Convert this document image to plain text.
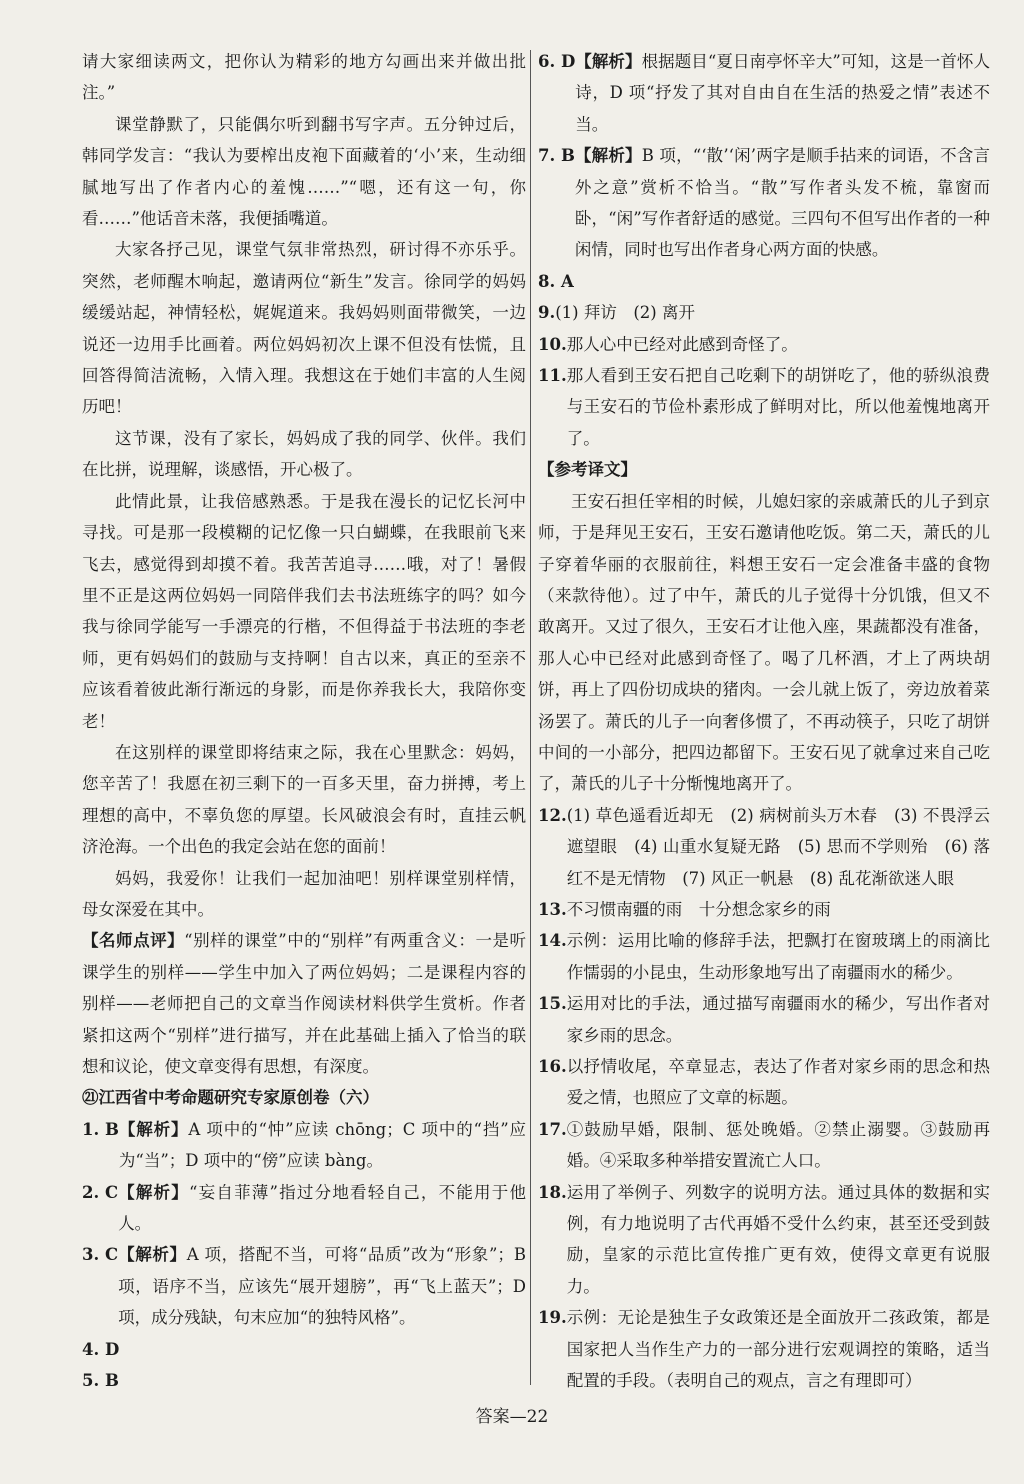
请大家细读两文，把你认为精彩的地方勾画出来并做出批注。”

课堂静默了，只能偶尔听到翻书写字声。五分钟过后，韩同学发言：“我认为要榨出皮袍下面藏着的‘小’来，生动细腻地写出了作者内心的羞愧……”“嗯，还有这一句，你看……”他话音未落，我便插嘴道。

大家各抒己见，课堂气氛非常热烈，研讨得不亦乐乎。突然，老师醒木响起，邀请两位“新生”发言。徐同学的妈妈缓缓站起，神情轻松，娓娓道来。我妈妈则面带微笑，一边说还一边用手比画着。两位妈妈初次上课不但没有怯慌，且回答得简洁流畅，入情入理。我想这在于她们丰富的人生阅历吧！

这节课，没有了家长，妈妈成了我的同学、伙伴。我们在比拼，说理解，谈感悟，开心极了。

此情此景，让我倍感熟悉。于是我在漫长的记忆长河中寻找。可是那一段模糊的记忆像一只白蝴蝶，在我眼前飞来飞去，感觉得到却摸不着。我苦苦追寻……哦，对了！暑假里不正是这两位妈妈一同陪伴我们去书法班练字的吗？如今我与徐同学能写一手漂亮的行楷，不但得益于书法班的李老师，更有妈妈们的鼓励与支持啊！自古以来，真正的至亲不应该看着彼此渐行渐远的身影，而是你养我长大，我陪你变老！

在这别样的课堂即将结束之际，我在心里默念：妈妈，您辛苦了！我愿在初三剩下的一百多天里，奋力拼搏，考上理想的高中，不辜负您的厚望。长风破浪会有时，直挂云帆济沧海。一个出色的我定会站在您的面前！

妈妈，我爱你！让我们一起加油吧！别样课堂别样情，母女深爱在其中。

【名师点评】“别样的课堂”中的“别样”有两重含义：一是听课学生的别样——学生中加入了两位妈妈；二是课程内容的别样——老师把自己的文章当作阅读材料供学生赏析。作者紧扣这两个“别样”进行描写，并在此基础上插入了恰当的联想和议论，使文章变得有思想，有深度。

㉑江西省中考命题研究专家原创卷（六）

1. B 【解析】A 项中的“忡”应读 chōng；C 项中的“挡”应为“当”；D 项中的“傍”应读 bàng。
2. C 【解析】“妄自菲薄”指过分地看轻自己，不能用于他人。
3. C 【解析】A 项，搭配不当，可将“品质”改为“形象”；B 项，语序不当，应该先“展开翅膀”，再“飞上蓝天”；D 项，成分残缺，句末应加“的独特风格”。
4. D
5. B
6. D 【解析】根据题目“夏日南亭怀辛大”可知，这是一首怀人诗，D 项“抒发了其对自由自在生活的热爱之情”表述不当。
7. B 【解析】B 项，“‘散’‘闲’两字是顺手拈来的词语，不含言外之意”赏析不恰当。“散”写作者头发不梳，靠窗而卧，“闲”写作者舒适的感觉。三四句不但写出作者的一种闲情，同时也写出作者身心两方面的快感。
8. A
9. (1) 拜访　(2) 离开
10. 那人心中已经对此感到奇怪了。
11. 那人看到王安石把自己吃剩下的胡饼吃了，他的骄纵浪费与王安石的节俭朴素形成了鲜明对比，所以他羞愧地离开了。

【参考译文】

王安石担任宰相的时候，儿媳妇家的亲戚萧氏的儿子到京师，于是拜见王安石，王安石邀请他吃饭。第二天，萧氏的儿子穿着华丽的衣服前往，料想王安石一定会准备丰盛的食物（来款待他）。过了中午，萧氏的儿子觉得十分饥饿，但又不敢离开。又过了很久，王安石才让他入座，果蔬都没有准备，那人心中已经对此感到奇怪了。喝了几杯酒，才上了两块胡饼，再上了四份切成块的猪肉。一会儿就上饭了，旁边放着菜汤罢了。萧氏的儿子一向奢侈惯了，不再动筷子，只吃了胡饼中间的一小部分，把四边都留下。王安石见了就拿过来自己吃了，萧氏的儿子十分惭愧地离开了。

12. (1) 草色遥看近却无　(2) 病树前头万木春　(3) 不畏浮云遮望眼　(4) 山重水复疑无路　(5) 思而不学则殆　(6) 落红不是无情物　(7) 风正一帆悬　(8) 乱花渐欲迷人眼
13. 不习惯南疆的雨　十分想念家乡的雨
14. 示例：运用比喻的修辞手法，把飘打在窗玻璃上的雨滴比作懦弱的小昆虫，生动形象地写出了南疆雨水的稀少。
15. 运用对比的手法，通过描写南疆雨水的稀少，写出作者对家乡雨的思念。
16. 以抒情收尾，卒章显志，表达了作者对家乡雨的思念和热爱之情，也照应了文章的标题。
17. ①鼓励早婚，限制、惩处晚婚。②禁止溺婴。③鼓励再婚。④采取多种举措安置流亡人口。
18. 运用了举例子、列数字的说明方法。通过具体的数据和实例，有力地说明了古代再婚不受什么约束，甚至还受到鼓励，皇家的示范比宣传推广更有效，使得文章更有说服力。
19. 示例：无论是独生子女政策还是全面放开二孩政策，都是国家把人当作生产力的一部分进行宏观调控的策略，适当配置的手段。（表明自己的观点，言之有理即可）
答案—22
